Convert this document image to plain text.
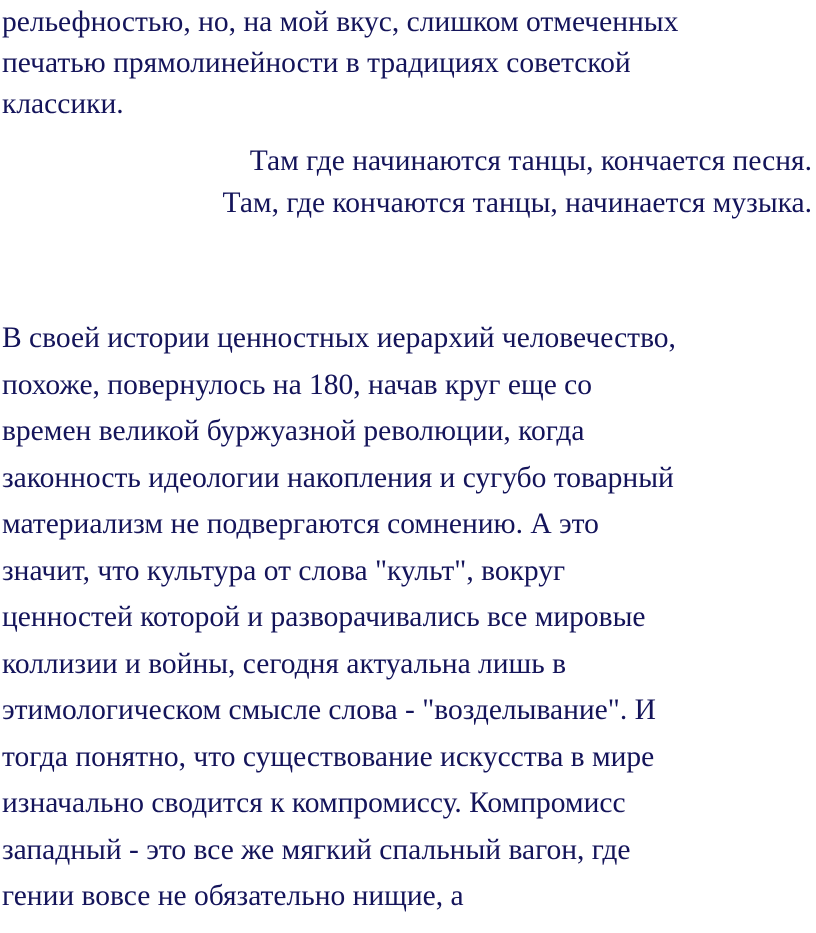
рельефностью, но, на мой вкус, слишком отмеченных
печатью прямолинейности в традициях советской
классики.

Там где начинаются танцы, кончается песня.
Там, где кончаются танцы, начинается музыка.

В своей истории ценностных иерархий человечество,
похоже, повернулось на 180, начав круг еще со
времен великой буржуазной революции, когда
законность идеологии накопления и сугубо товарный
материализм не подвергаются сомнению. А это
значит, что культура от слова "культ", вокруг
ценностей которой и разворачивались все мировые
коллизии и войны, сегодня актуальна лишь в
этимологическом смысле слова - "возделывание". И
тогда понятно, что существование искусства в мире
изначально сводится к компромиссу. Компромисс
западный - это все же мягкий спальный вагон, где
гении вовсе не обязательно нищие, а
